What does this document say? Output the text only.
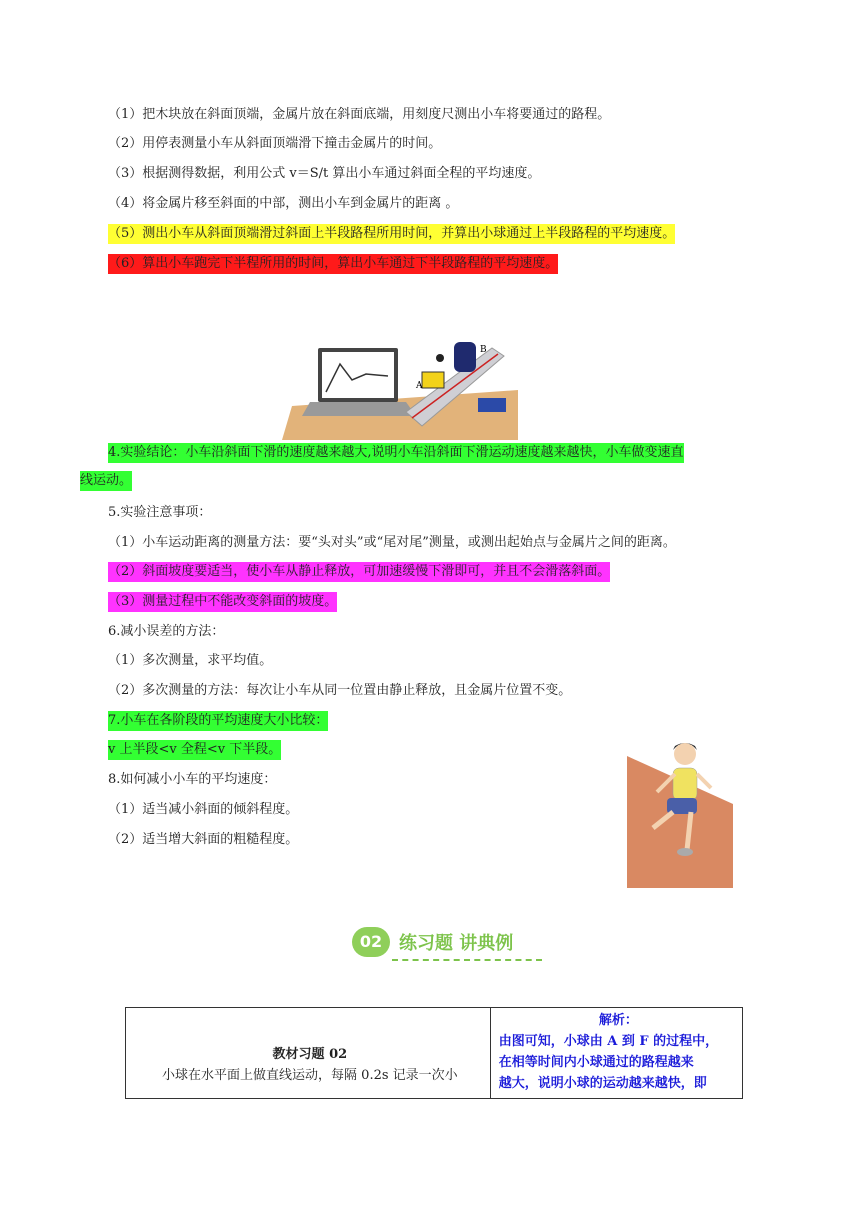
（1）把木块放在斜面顶端，金属片放在斜面底端，用刻度尺测出小车将要通过的路程。
（2）用停表测量小车从斜面顶端滑下撞击金属片的时间。
（3）根据测得数据，利用公式 v＝S/t 算出小车通过斜面全程的平均速度。
（4）将金属片移至斜面的中部，测出小车到金属片的距离 。
（5）测出小车从斜面顶端滑过斜面上半段路程所用时间，并算出小球通过上半段路程的平均速度。
（6）算出小车跑完下半程所用的时间，算出小车通过下半段路程的平均速度。
A
B
4.实验结论：小车沿斜面下滑的速度越来越大,说明小车沿斜面下滑运动速度越来越快，小车做变速直
线运动。
5.实验注意事项：
（1）小车运动距离的测量方法：要“头对头”或“尾对尾”测量，或测出起始点与金属片之间的距离。
（2）斜面坡度要适当，使小车从静止释放，可加速缓慢下滑即可，并且不会滑落斜面。
（3）测量过程中不能改变斜面的坡度。
6.减小误差的方法：
（1）多次测量，求平均值。
（2）多次测量的方法：每次让小车从同一位置由静止释放，且金属片位置不变。
7.小车在各阶段的平均速度大小比较：
v 上半段<v 全程<v 下半段。
8.如何减小小车的平均速度：
（1）适当减小斜面的倾斜程度。
（2）适当增大斜面的粗糙程度。
02 练习题 讲典例
教材习题 02
小球在水平面上做直线运动，每隔 0.2s 记录一次小

解析：
由图可知，小球由 A 到 F 的过程中，
在相等时间内小球通过的路程越来
越大，说明小球的运动越来越快，即
